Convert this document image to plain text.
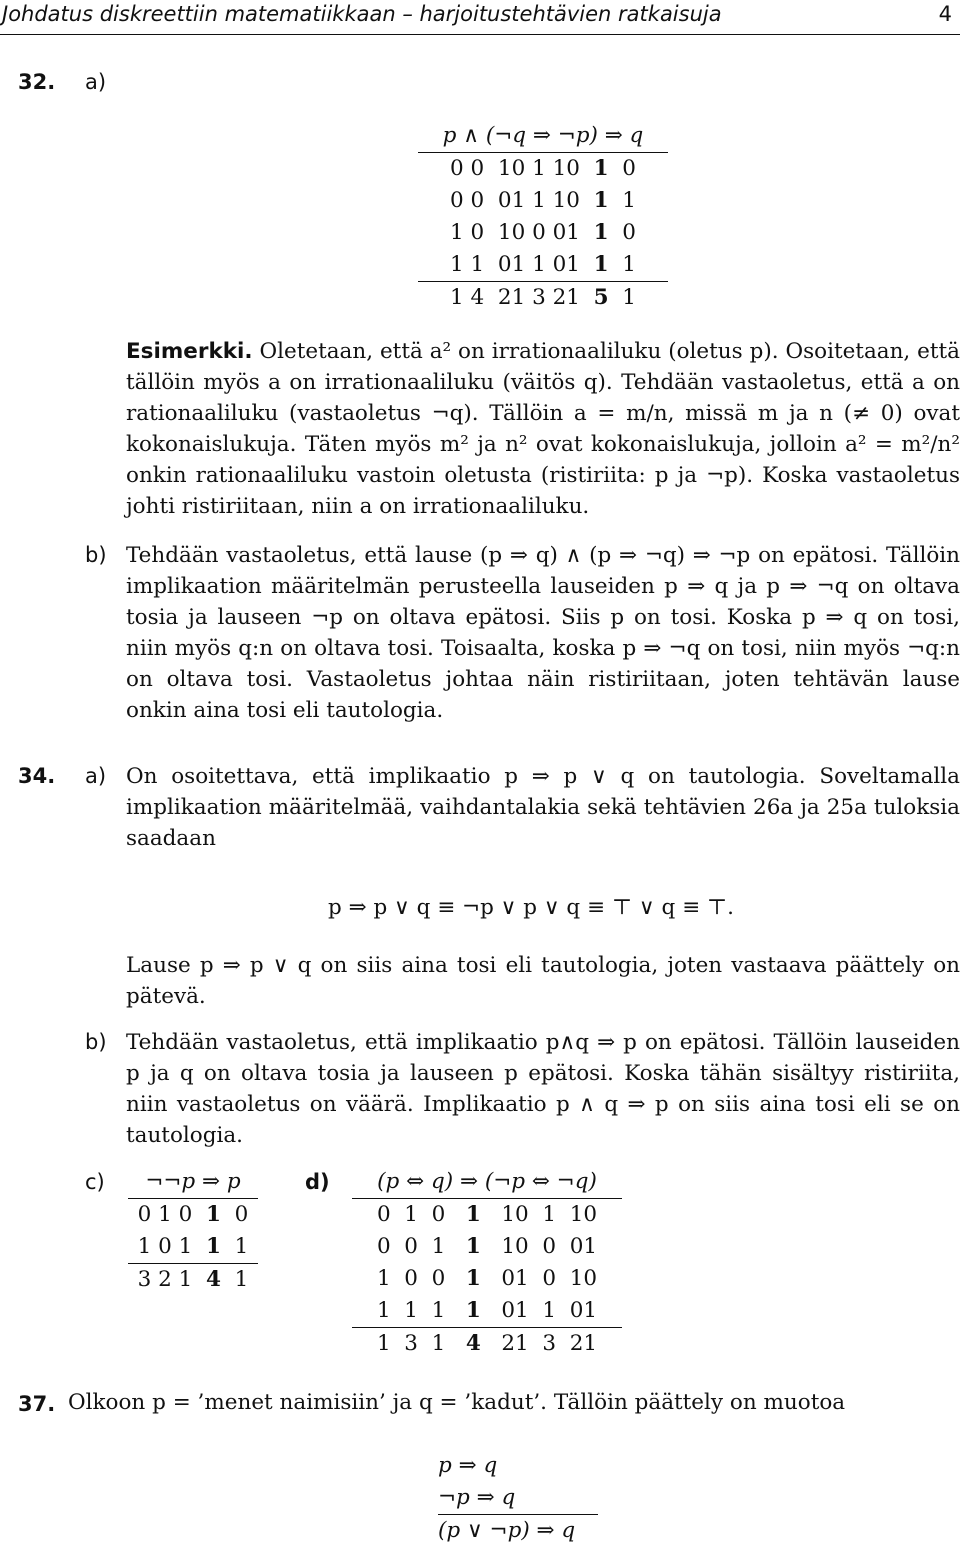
Johdatus diskreettiin matematiikkaan – harjoitustehtävien ratkaisuja	4
32. a)
p ∧ (¬q ⇒ ¬p) ⇒ q
0 0  10 1 10  1  0
0 0  01 1 10  1  1
1 0  10 0 01  1  0
1 1  01 1 01  1  1
1 4  21 3 21  5  1
Esimerkki. Oletetaan, että a² on irrationaaliluku (oletus p). Osoitetaan, että tällöin myös a on irrationaaliluku (väitös q). Tehdään vastaoletus, että a on rationaaliluku (vastaoletus ¬q). Tällöin a = m/n, missä m ja n (≠ 0) ovat kokonaislukuja. Täten myös m² ja n² ovat kokonaislukuja, jolloin a² = m²/n² onkin rationaaliluku vastoin oletusta (ristiriita: p ja ¬p). Koska vastaoletus johti ristiriitaan, niin a on irrationaaliluku.
b) Tehdään vastaoletus, että lause (p ⇒ q) ∧ (p ⇒ ¬q) ⇒ ¬p on epätosi. Tällöin implikaation määritelmän perusteella lauseiden p ⇒ q ja p ⇒ ¬q on oltava tosia ja lauseen ¬p on oltava epätosi. Siis p on tosi. Koska p ⇒ q on tosi, niin myös q:n on oltava tosi. Toisaalta, koska p ⇒ ¬q on tosi, niin myös ¬q:n on oltava tosi. Vastaoletus johtaa näin ristiriitaan, joten tehtävän lause onkin aina tosi eli tautologia.
34. a) On osoitettava, että implikaatio p ⇒ p ∨ q on tautologia. Soveltamalla implikaation määritelmää, vaihdantalakia sekä tehtävien 26a ja 25a tuloksia saadaan
p ⇒ p ∨ q ≡ ¬p ∨ p ∨ q ≡ ⊤ ∨ q ≡ ⊤.
Lause p ⇒ p ∨ q on siis aina tosi eli tautologia, joten vastaava päättely on pätevä.
b) Tehdään vastaoletus, että implikaatio p∧q ⇒ p on epätosi. Tällöin lauseiden p ja q on oltava tosia ja lauseen p epätosi. Koska tähän sisältyy ristiriita, niin vastaoletus on väärä. Implikaatio p ∧ q ⇒ p on siis aina tosi eli se on tautologia.
c)	¬¬p ⇒ p
0 1 0  1  0
1 0 1  1  1
3 2 1  4  1
d)	(p ⇔ q) ⇒ (¬p ⇔ ¬q)
0  1  0   1   10  1  10
0  0  1   1   10  0  01
1  0  0   1   01  0  10
1  1  1   1   01  1  01
1  3  1   4   21  3  21
37. Olkoon p = ’menet naimisiin’ ja q = ’kadut’. Tällöin päättely on muotoa
p ⇒ q
¬p ⇒ q
(p ∨ ¬p) ⇒ q
